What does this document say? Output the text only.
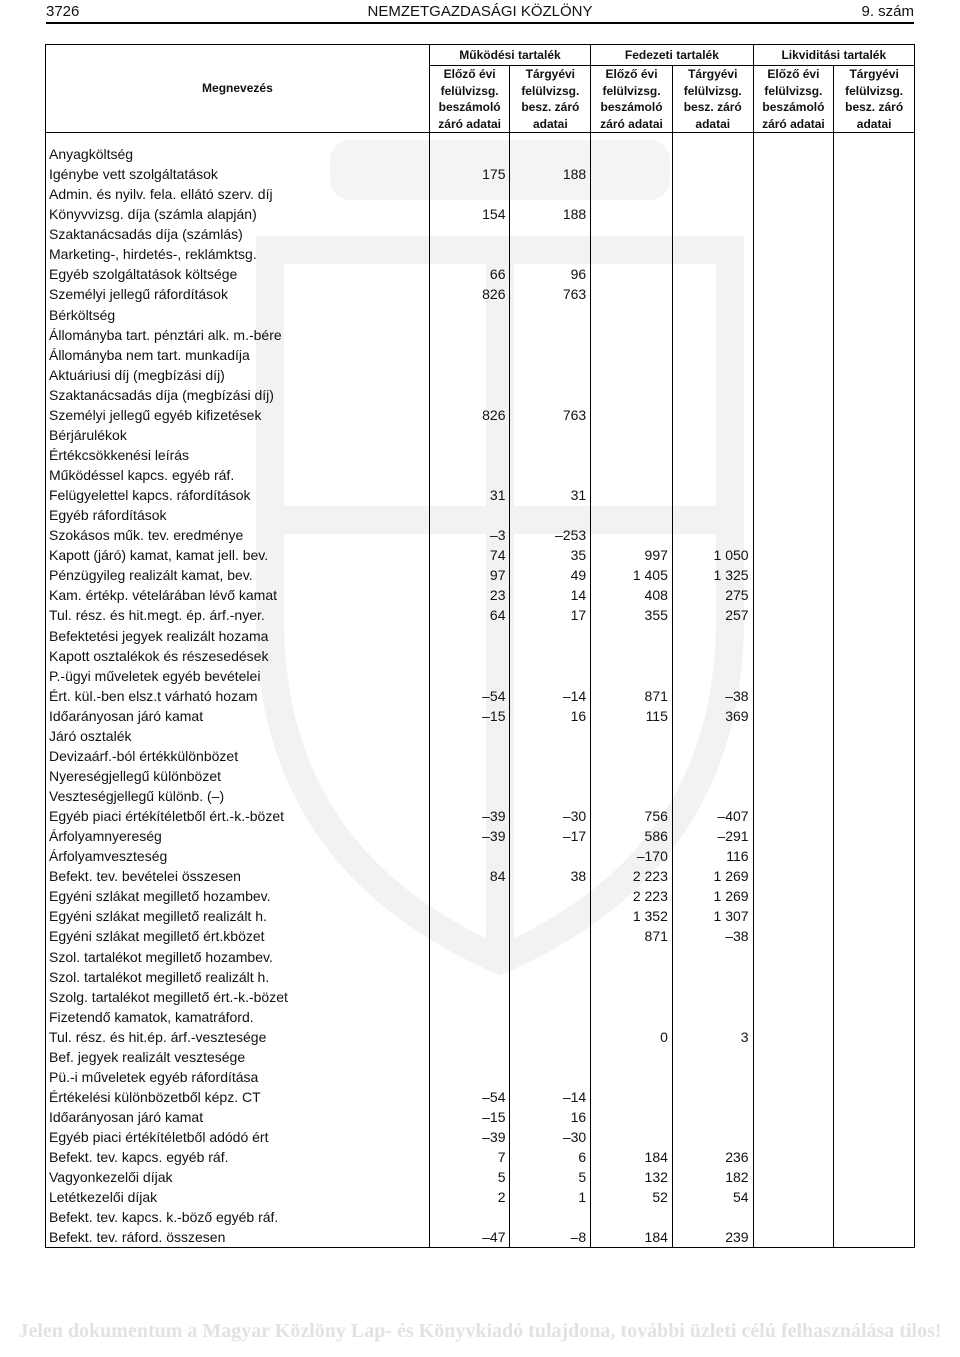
3726	NEMZETGAZDASÁGI KÖZLÖNY	9. szám
Megnevezés	Működési tartalék		Fedezeti tartalék		Likviditási tartalék	
	Előző évi felülvizsg. beszámoló záró adatai	Tárgyévi felülvizsg. besz. záró adatai	Előző évi felülvizsg. beszámoló záró adatai	Tárgyévi felülvizsg. besz. záró adatai	Előző évi felülvizsg. beszámoló záró adatai	Tárgyévi felülvizsg. besz. záró adatai

Anyagköltség						
Igénybe vett szolgáltatások	175	188				
Admin. és nyilv. fela. ellátó szerv. díj						
Könyvvizsg. díja (számla alapján)	154	188				
Szaktanácsadás díja (számlás)						
Marketing-, hirdetés-, reklámktsg.						
Egyéb szolgáltatások költsége	66	96				
Személyi jellegű ráfordítások	826	763				
Bérköltség						
Állományba tart. pénztári alk. m.-bére						
Állományba nem tart. munkadíja						
Aktuáriusi díj (megbízási díj)						
Szaktanácsadás díja (megbízási díj)						
Személyi jellegű egyéb kifizetések	826	763				
Bérjárulékok						
Értékcsökkenési leírás						
Működéssel kapcs. egyéb ráf.						
Felügyelettel kapcs. ráfordítások	31	31				
Egyéb ráfordítások						
Szokásos műk. tev. eredménye	–3	–253				
Kapott (járó) kamat, kamat jell. bev.	74	35	997	1 050		
Pénzügyileg realizált kamat, bev.	97	49	1 405	1 325		
Kam. értékp. vételárában lévő kamat	23	14	408	275		
Tul. rész. és hit.megt. ép. árf.-nyer.	64	17	355	257		
Befektetési jegyek realizált hozama						
Kapott osztalékok és részesedések						
P.-ügyi műveletek egyéb bevételei						
Ért. kül.-ben elsz.t várható hozam	–54	–14	871	–38		
Időarányosan járó kamat	–15	16	115	369		
Járó osztalék						
Devizaárf.-ból értékkülönbözet						
Nyereségjellegű különbözet						
Veszteségjellegű különb. (–)						
Egyéb piaci értékítéletből ért.-k.-bözet	–39	–30	756	–407		
Árfolyamnyereség	–39	–17	586	–291		
Árfolyamveszteség			–170	116		
Befekt. tev. bevételei összesen	84	38	2 223	1 269		
Egyéni szlákat megillető hozambev.			2 223	1 269		
Egyéni szlákat megillető realizált h.			1 352	1 307		
Egyéni szlákat megillető ért.kbözet			871	–38		
Szol. tartalékot megillető hozambev.						
Szol. tartalékot megillető realizált h.						
Szolg. tartalékot megillető ért.-k.-bözet						
Fizetendő kamatok, kamatráford.						
Tul. rész. és hit.ép. árf.-vesztesége			0	3		
Bef. jegyek realizált vesztesége						
Pü.-i műveletek egyéb ráfordítása						
Értékelési különbözetből képz. CT	–54	–14				
Időarányosan járó kamat	–15	16				
Egyéb piaci értékítéletből adódó ért	–39	–30				
Befekt. tev. kapcs. egyéb ráf.	7	6	184	236		
Vagyonkezelői díjak	5	5	132	182		
Letétkezelői díjak	2	1	52	54		
Befekt. tev. kapcs. k.-böző egyéb ráf.						
Befekt. tev. ráford. összesen	–47	–8	184	239		
Jelen dokumentum a Magyar Közlöny Lap- és Könyvkiadó tulajdona, további üzleti célú felhasználása tilos!
